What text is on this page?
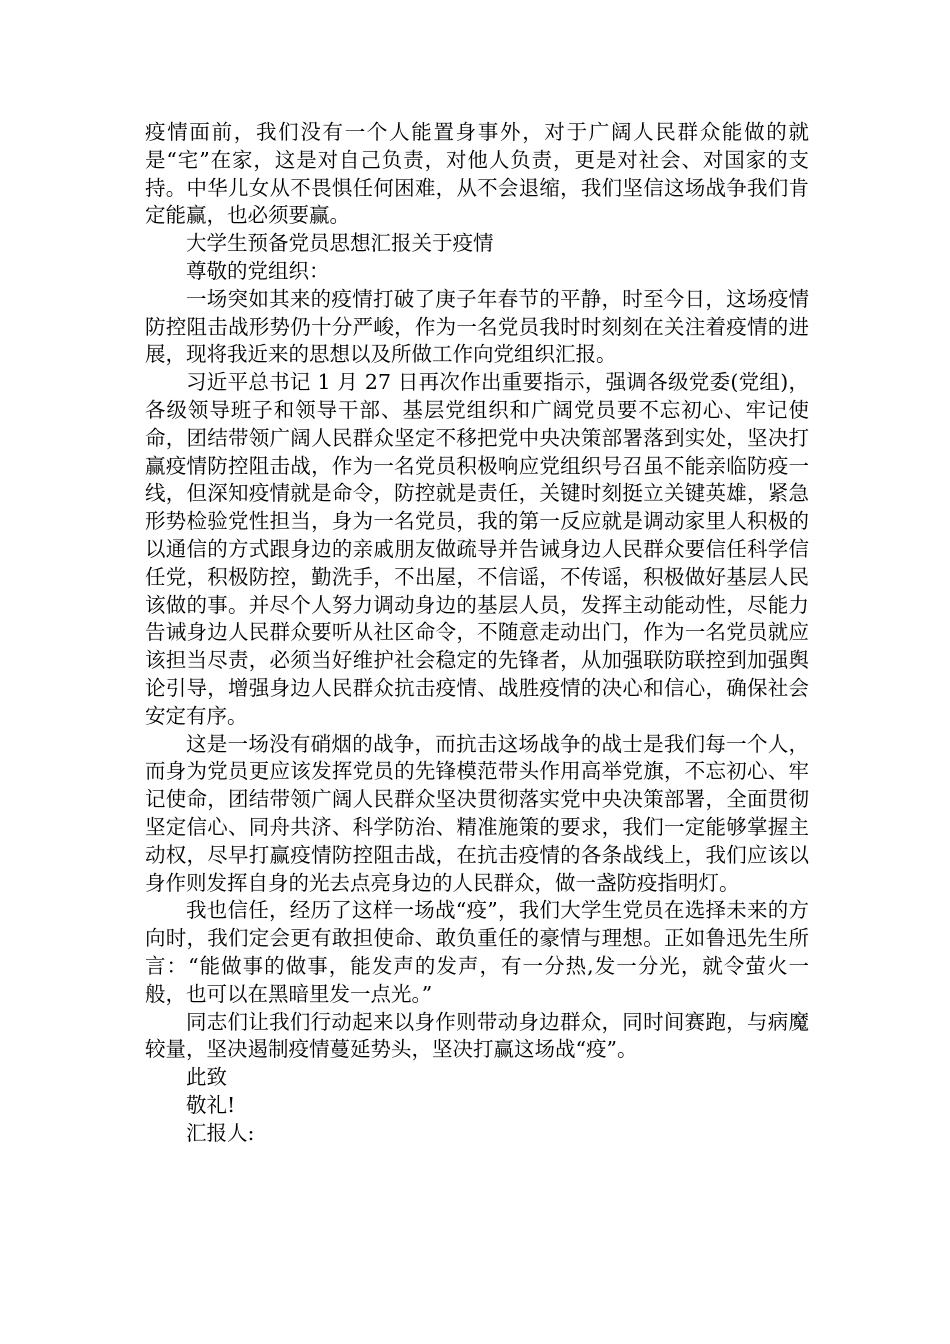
疫情面前，我们没有一个人能置身事外，对于广阔人民群众能做的就是“宅”在家，这是对自己负责，对他人负责，更是对社会、对国家的支持。中华儿女从不畏惧任何困难，从不会退缩，我们坚信这场战争我们肯定能赢，也必须要赢。

大学生预备党员思想汇报关于疫情

尊敬的党组织：

一场突如其来的疫情打破了庚子年春节的平静，时至今日，这场疫情防控阻击战形势仍十分严峻，作为一名党员我时时刻刻在关注着疫情的进展，现将我近来的思想以及所做工作向党组织汇报。

习近平总书记 1 月 27 日再次作出重要指示，强调各级党委(党组)，各级领导班子和领导干部、基层党组织和广阔党员要不忘初心、牢记使命，团结带领广阔人民群众坚定不移把党中央决策部署落到实处，坚决打赢疫情防控阻击战，作为一名党员积极响应党组织号召虽不能亲临防疫一线，但深知疫情就是命令，防控就是责任，关键时刻挺立关键英雄，紧急形势检验党性担当，身为一名党员，我的第一反应就是调动家里人积极的以通信的方式跟身边的亲戚朋友做疏导并告诫身边人民群众要信任科学信任党，积极防控，勤洗手，不出屋，不信谣，不传谣，积极做好基层人民该做的事。并尽个人努力调动身边的基层人员，发挥主动能动性，尽能力告诫身边人民群众要听从社区命令，不随意走动出门，作为一名党员就应该担当尽责，必须当好维护社会稳定的先锋者，从加强联防联控到加强舆论引导，增强身边人民群众抗击疫情、战胜疫情的决心和信心，确保社会安定有序。

这是一场没有硝烟的战争，而抗击这场战争的战士是我们每一个人，而身为党员更应该发挥党员的先锋模范带头作用高举党旗，不忘初心、牢记使命，团结带领广阔人民群众坚决贯彻落实党中央决策部署，全面贯彻坚定信心、同舟共济、科学防治、精准施策的要求，我们一定能够掌握主动权，尽早打赢疫情防控阻击战，在抗击疫情的各条战线上，我们应该以身作则发挥自身的光去点亮身边的人民群众，做一盏防疫指明灯。

我也信任，经历了这样一场战“疫”，我们大学生党员在选择未来的方向时，我们定会更有敢担使命、敢负重任的豪情与理想。正如鲁迅先生所言：“能做事的做事，能发声的发声，有一分热,发一分光，就令萤火一般，也可以在黑暗里发一点光。”

同志们让我们行动起来以身作则带动身边群众，同时间赛跑，与病魔较量，坚决遏制疫情蔓延势头，坚决打赢这场战“疫”。

此致

敬礼!

汇报人:
